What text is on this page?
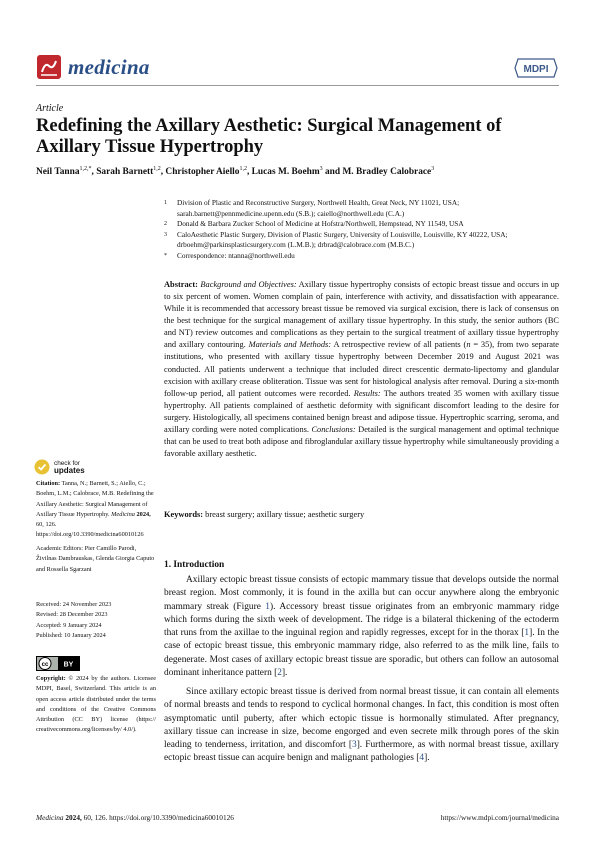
medicina	MDPI
Article
Redefining the Axillary Aesthetic: Surgical Management of Axillary Tissue Hypertrophy
Neil Tanna$^{1,2,*}$, Sarah Barnett$^{1,2}$, Christopher Aiello$^{1,2}$, Lucas M. Boehm$^3$ and M. Bradley Calobrace$^3$
1	Division of Plastic and Reconstructive Surgery, Northwell Health, Great Neck, NY 11021, USA; sarah.barnett@pennmedicine.upenn.edu (S.B.); caiello@northwell.edu (C.A.)
2	Donald & Barbara Zucker School of Medicine at Hofstra/Northwell, Hempstead, NY 11549, USA
3	CaloAesthetic Plastic Surgery, Division of Plastic Surgery, University of Louisville, Louisville, KY 40222, USA; drboehm@parkinsplasticsurgery.com (L.M.B.); drbrad@calobrace.com (M.B.C.)
*	Correspondence: ntanna@northwell.edu
Abstract: Background and Objectives: Axillary tissue hypertrophy consists of ectopic breast tissue and occurs in up to six percent of women. Women complain of pain, interference with activity, and dissatisfaction with appearance. While it is recommended that accessory breast tissue be removed via surgical excision, there is lack of consensus on the best technique for the surgical management of axillary tissue hypertrophy. In this study, the senior authors (BC and NT) review outcomes and complications as they pertain to the surgical treatment of axillary tissue hypertrophy and axillary contouring. Materials and Methods: A retrospective review of all patients (n = 35), from two separate institutions, who presented with axillary tissue hypertrophy between December 2019 and August 2021 was conducted. All patients underwent a technique that included direct crescentic dermato-lipectomy and glandular excision with axillary crease obliteration. Tissue was sent for histological analysis after removal. During a six-month follow-up period, all patient outcomes were recorded. Results: The authors treated 35 women with axillary tissue hypertrophy. All patients complained of aesthetic deformity with significant discomfort leading to the desire for surgery. Histologically, all specimens contained benign breast and adipose tissue. Hypertrophic scarring, seroma, and axillary cording were noted complications. Conclusions: Detailed is the surgical management and optimal technique that can be used to treat both adipose and fibroglandular axillary tissue hypertrophy while simultaneously providing a favorable axillary aesthetic.
Keywords: breast surgery; axillary tissue; aesthetic surgery
check for
updates
Citation: Tanna, N.; Barnett, S.; Aiello, C.; Boehm, L.M.; Calobrace, M.B. Redefining the Axillary Aesthetic: Surgical Management of Axillary Tissue Hypertrophy. Medicina 2024, 60, 126. https://doi.org/10.3390/medicina60010126
Academic Editors: Pier Camillo Parodi, Živilnas Dambrauskas, Glenda Giorgia Caputo and Rossella Sgarzani
Received: 24 November 2023
Revised: 28 December 2023
Accepted: 9 January 2024
Published: 10 January 2024
cc BY
Copyright: © 2024 by the authors. Licensee MDPI, Basel, Switzerland. This article is an open access article distributed under the terms and conditions of the Creative Commons Attribution (CC BY) license (https:// creativecommons.org/licenses/by/ 4.0/).
1. Introduction
Axillary ectopic breast tissue consists of ectopic mammary tissue that develops outside the normal breast region. Most commonly, it is found in the axilla but can occur anywhere along the embryonic mammary streak (Figure 1). Accessory breast tissue originates from an embryonic mammary ridge which forms during the sixth week of development. The ridge is a bilateral thickening of the ectoderm that runs from the axillae to the inguinal region and rapidly regresses, except for in the thorax [1]. In the case of ectopic breast tissue, this embryonic mammary ridge, also referred to as the milk line, fails to degenerate. Most cases of axillary ectopic breast tissue are sporadic, but others can follow an autosomal dominant inheritance pattern [2].
Since axillary ectopic breast tissue is derived from normal breast tissue, it can contain all elements of normal breasts and tends to respond to cyclical hormonal changes. In fact, this condition is most often asymptomatic until puberty, after which ectopic tissue is hormonally stimulated. After pregnancy, axillary tissue can increase in size, become engorged and even secrete milk through pores of the skin leading to tenderness, irritation, and discomfort [3]. Furthermore, as with normal breast tissue, axillary ectopic breast tissue can acquire benign and malignant pathologies [4].
Medicina 2024, 60, 126. https://doi.org/10.3390/medicina60010126	https://www.mdpi.com/journal/medicina
